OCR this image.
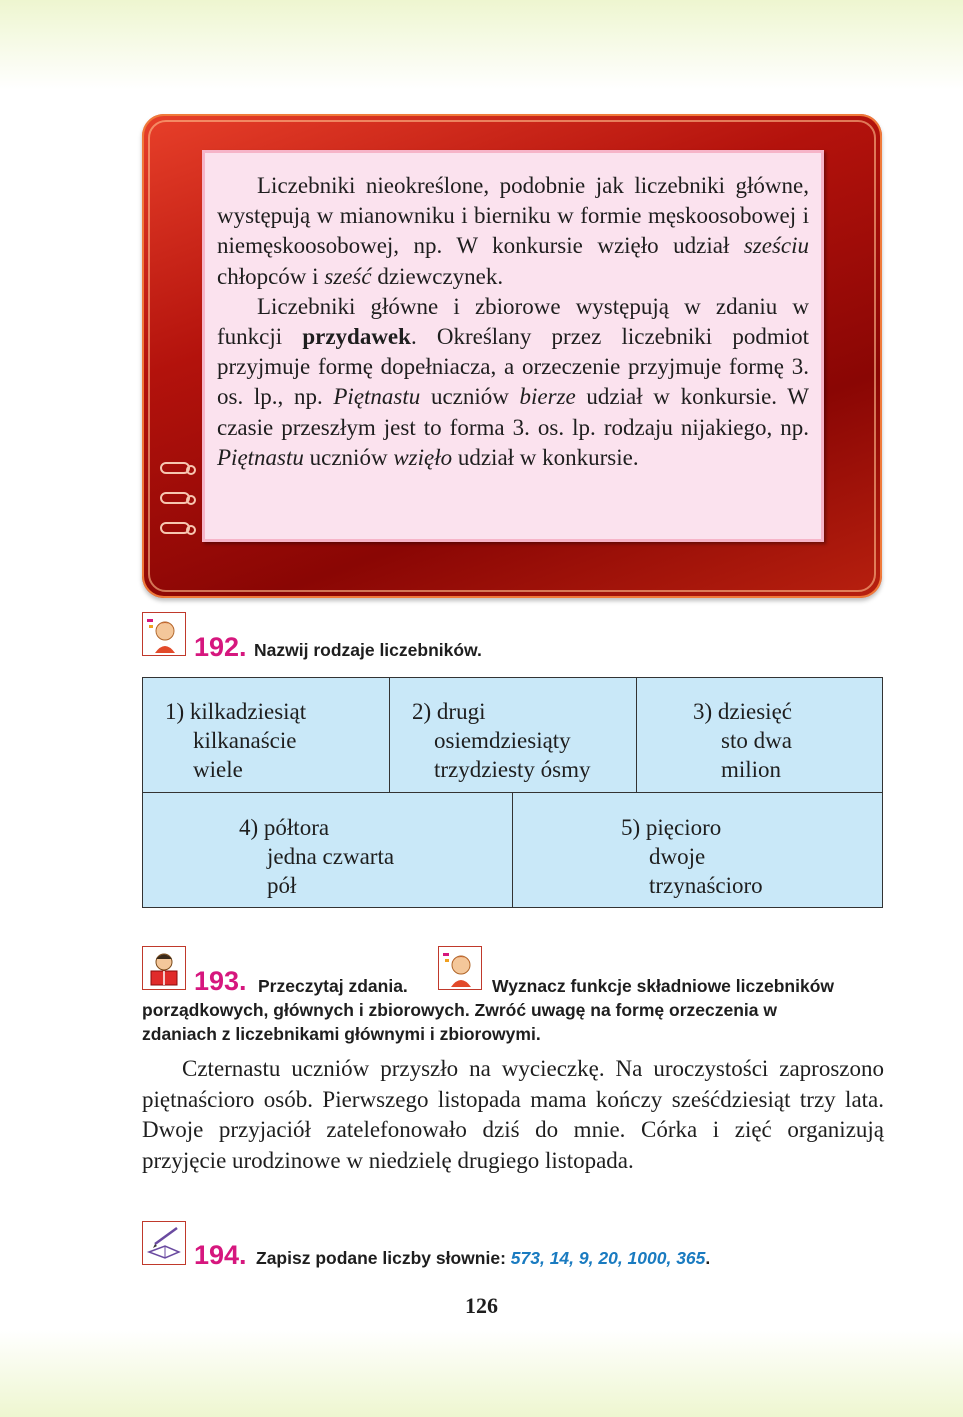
Liczebniki nieokreślone, podobnie jak liczebniki główne, występują w mianowniku i bierniku w formie męskoosobowej i niemęskoosobowej, np. W konkursie wzięło udział sześciu chłopców i sześć dziewczynek.

Liczebniki główne i zbiorowe występują w zdaniu w funkcji przydawek. Określany przez liczebniki podmiot przyjmuje formę dopełniacza, a orzeczenie przyjmuje formę 3. os. lp., np. Piętnastu uczniów bierze udział w konkursie. W czasie przeszłym jest to forma 3. os. lp. rodzaju nijakiego, np. Piętnastu uczniów wzięło udział w konkursie.

192. Nazwij rodzaje liczebników.
1) kilkadziesiąt
kilkanaście
wiele
2) drugi
osiemdziesiąty
trzydziesty ósmy
3) dziesięć
sto dwa
milion
4) półtora
jedna czwarta
pół
5) pięcioro
dwoje
trzynaścioro
193. Przeczytaj zdania.	Wyznacz funkcje składniowe liczebników
porządkowych, głównych i zbiorowych. Zwróć uwagę na formę orzeczenia w
zdaniach z liczebnikami głównymi i zbiorowymi.

Czternastu uczniów przyszło na wycieczkę. Na uroczystości zaproszono piętnaścioro osób. Pierwszego listopada mama kończy sześćdziesiąt trzy lata. Dwoje przyjaciół zatelefonowało dziś do mnie. Córka i zięć organizują przyjęcie urodzinowe w niedzielę drugiego listopada.

194. Zapisz podane liczby słownie: 573, 14, 9, 20, 1000, 365.
126
